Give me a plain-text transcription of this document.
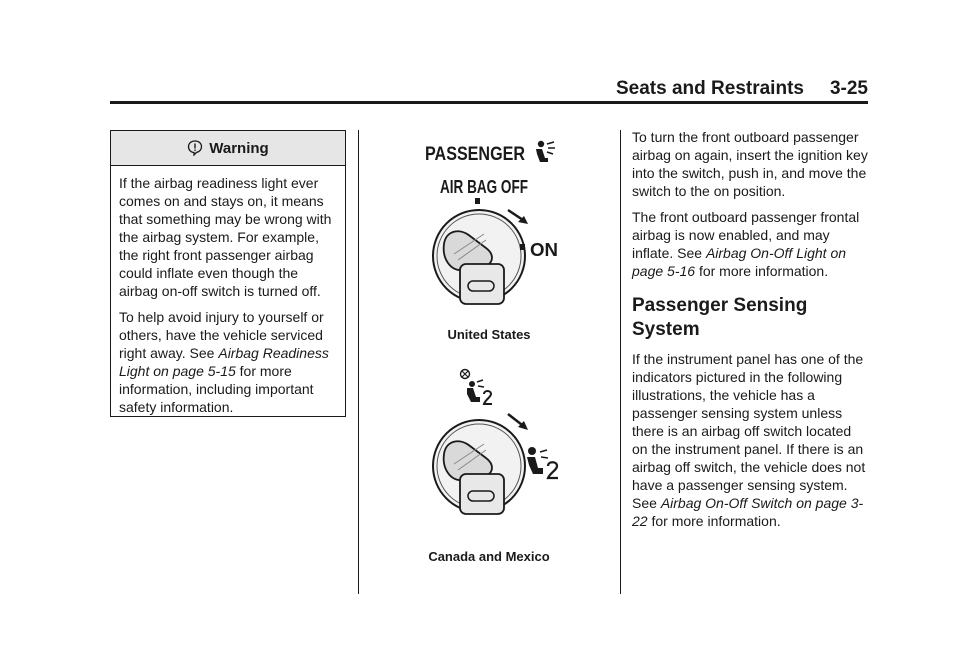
Seats and Restraints 3-25
Warning

If the airbag readiness light ever comes on and stays on, it means that something may be wrong with the airbag system. For example, the right front passenger airbag could inflate even though the airbag on-off switch is turned off.

To help avoid injury to yourself or others, have the vehicle serviced right away. See Airbag Readiness Light on page 5-15 for more information, including important safety information.

PASSENGER
AIR BAG OFF
ON
United States
Canada and Mexico

To turn the front outboard passenger airbag on again, insert the ignition key into the switch, push in, and move the switch to the on position.

The front outboard passenger frontal airbag is now enabled, and may inflate. See Airbag On-Off Light on page 5-16 for more information.

Passenger Sensing System

If the instrument panel has one of the indicators pictured in the following illustrations, the vehicle has a passenger sensing system unless there is an airbag off switch located on the instrument panel. If there is an airbag off switch, the vehicle does not have a passenger sensing system. See Airbag On-Off Switch on page 3-22 for more information.
